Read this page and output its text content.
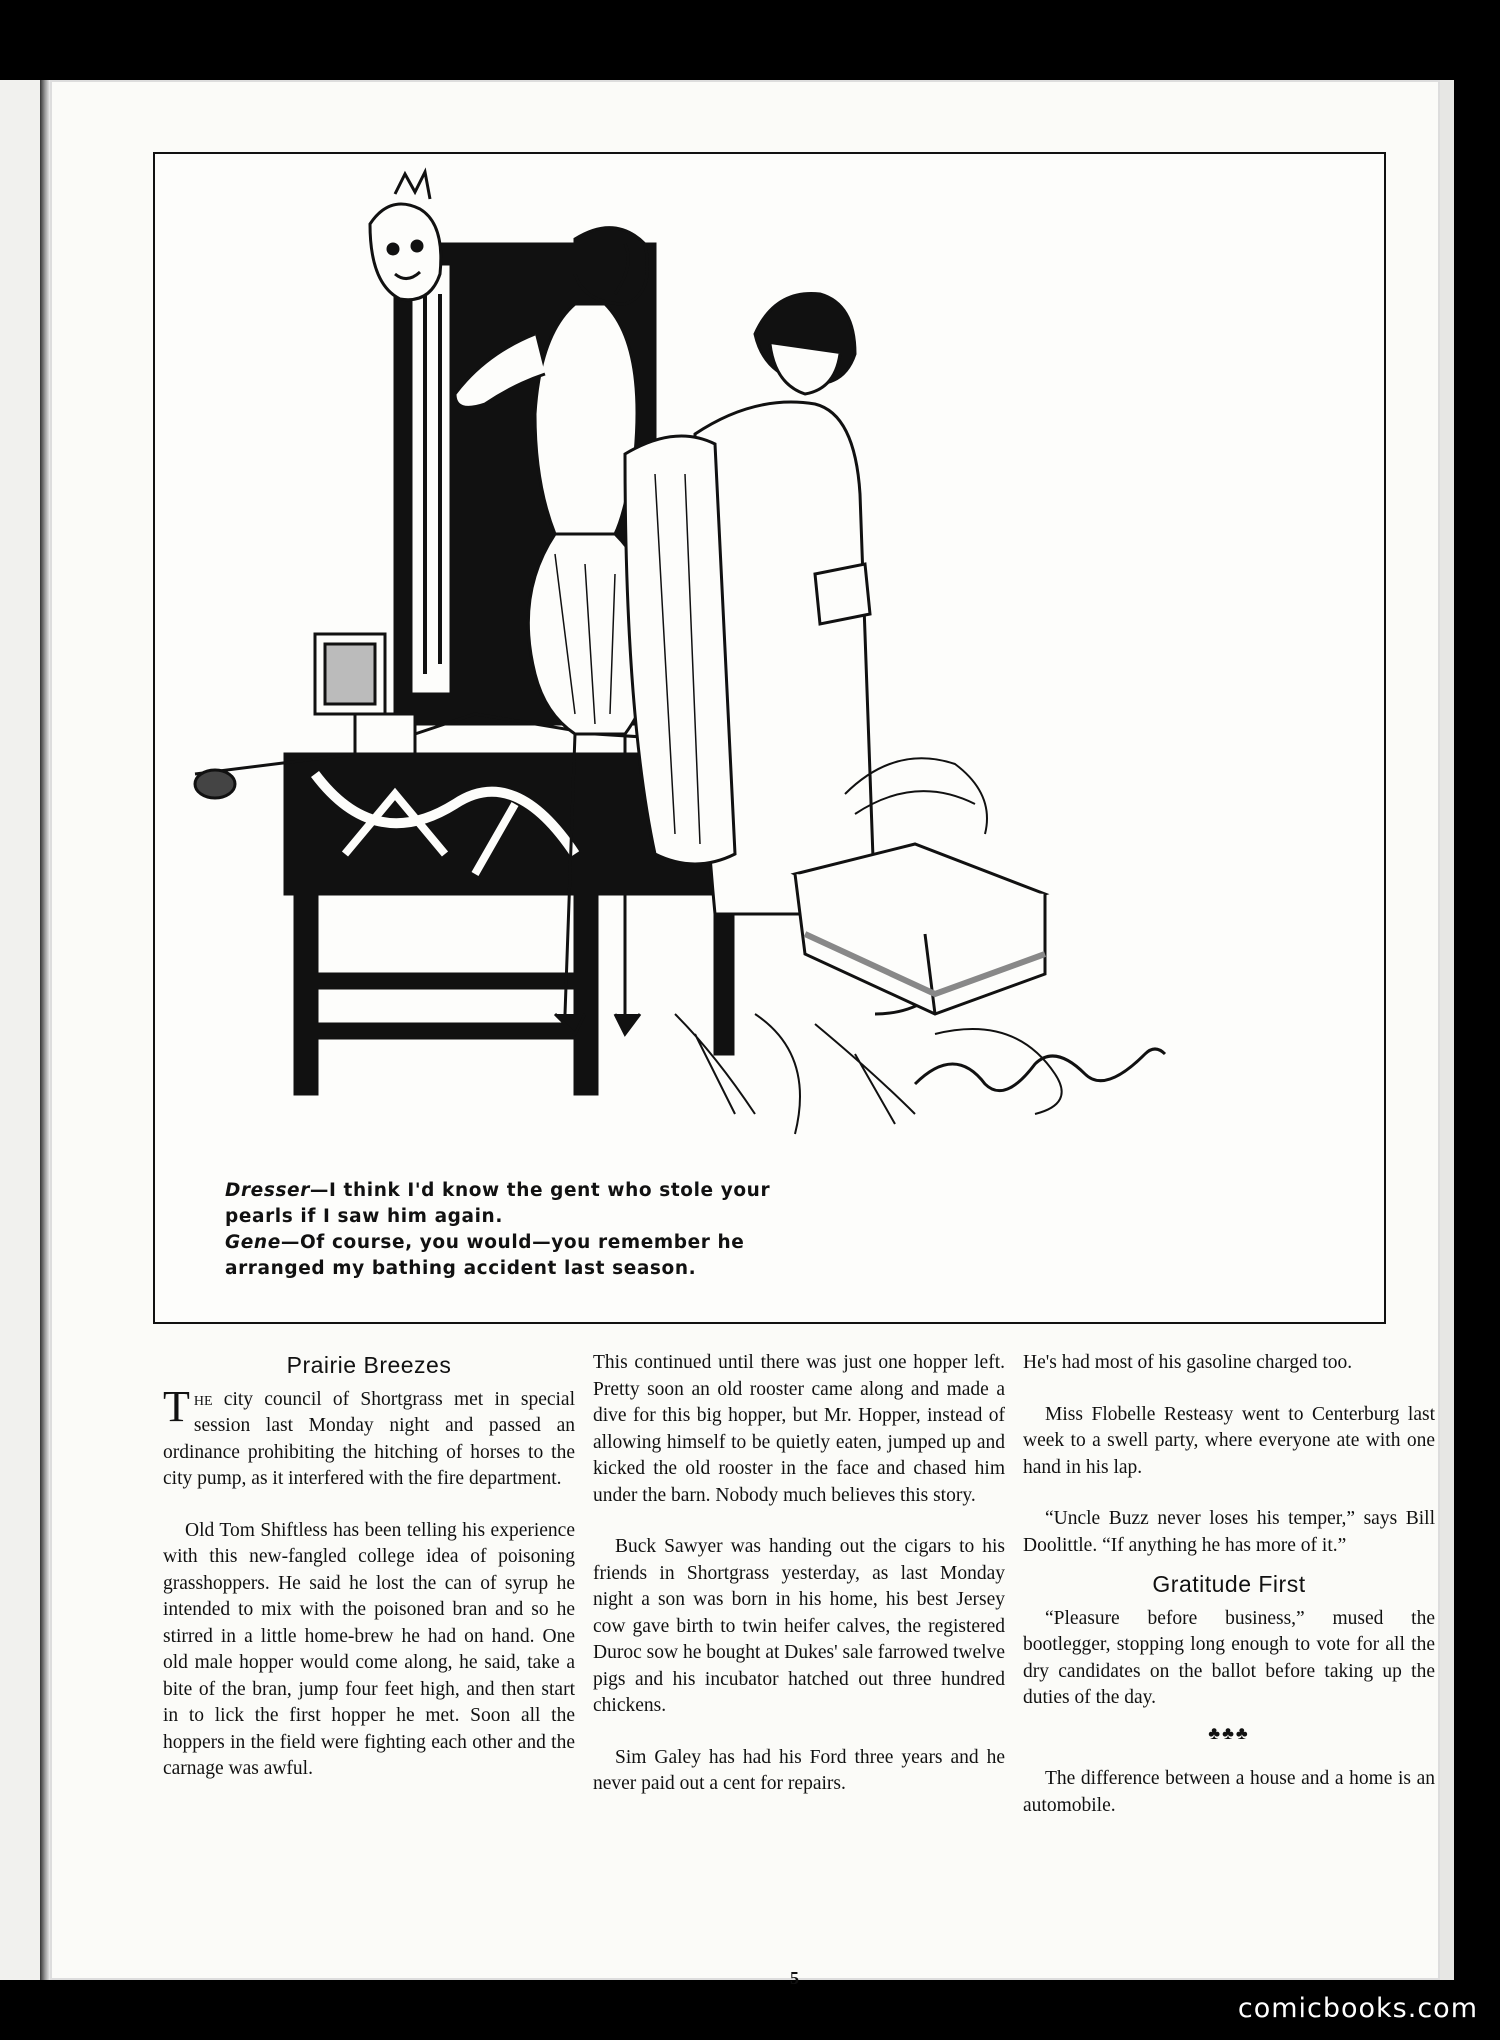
Dresser—I think I'd know the gent who stole your pearls if I saw him again.

Gene—Of course, you would—you remember he arranged my bathing accident last season.

Prairie Breezes

The city council of Shortgrass met in special session last Monday night and passed an ordinance prohibiting the hitching of horses to the city pump, as it interfered with the fire department.

Old Tom Shiftless has been telling his experience with this new-fangled college idea of poisoning grasshoppers. He said he lost the can of syrup he intended to mix with the poisoned bran and so he stirred in a little home-brew he had on hand. One old male hopper would come along, he said, take a bite of the bran, jump four feet high, and then start in to lick the first hopper he met. Soon all the hoppers in the field were fighting each other and the carnage was awful.

This continued until there was just one hopper left. Pretty soon an old rooster came along and made a dive for this big hopper, but Mr. Hopper, instead of allowing himself to be quietly eaten, jumped up and kicked the old rooster in the face and chased him under the barn. Nobody much believes this story.

Buck Sawyer was handing out the cigars to his friends in Shortgrass yesterday, as last Monday night a son was born in his home, his best Jersey cow gave birth to twin heifer calves, the registered Duroc sow he bought at Dukes' sale farrowed twelve pigs and his incubator hatched out three hundred chickens.

Sim Galey has had his Ford three years and he never paid out a cent for repairs.

He's had most of his gasoline charged too.

Miss Flobelle Resteasy went to Centerburg last week to a swell party, where everyone ate with one hand in his lap.

“Uncle Buzz never loses his temper,” says Bill Doolittle. “If anything he has more of it.”

Gratitude First

“Pleasure before business,” mused the bootlegger, stopping long enough to vote for all the dry candidates on the ballot before taking up the duties of the day.

♣♣♣

The difference between a house and a home is an automobile.

5
comicbooks.com
